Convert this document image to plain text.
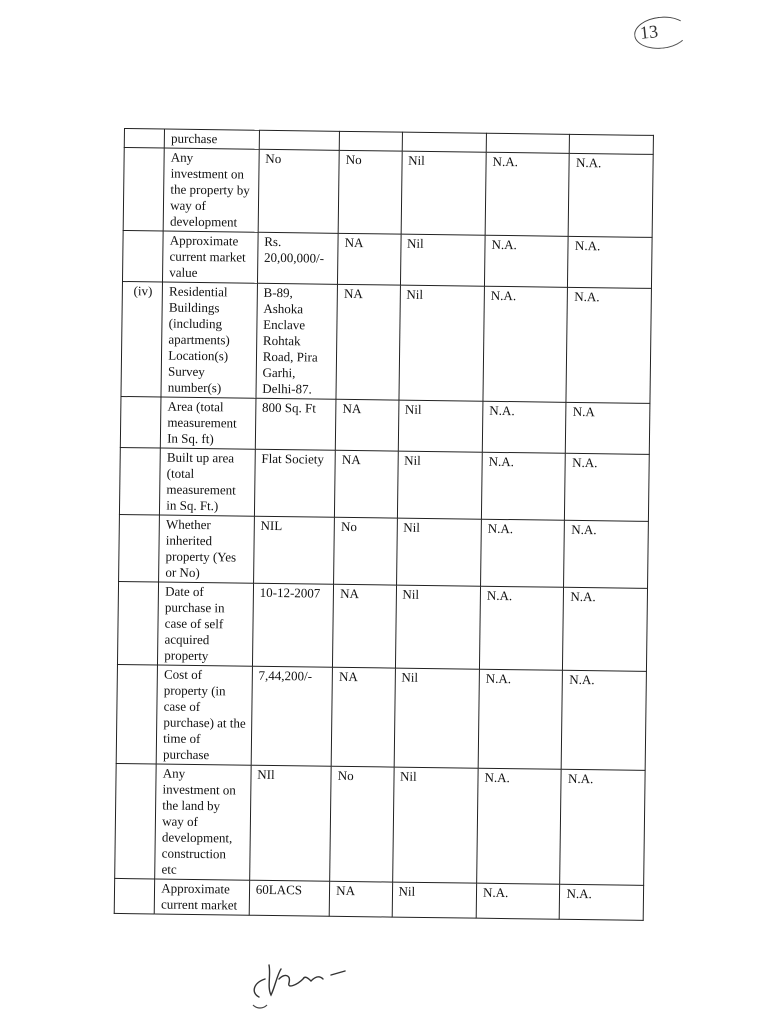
13
	purchase					
	Any investment on the property by way of development	No	No	Nil	N.A.	N.A.
	Approximate current market value	Rs. 20,00,000/-	NA	Nil	N.A.	N.A.
(iv)	Residential Buildings (including apartments) Location(s) Survey number(s)	B-89, Ashoka Enclave Rohtak Road, Pira Garhi, Delhi-87.	NA	Nil	N.A.	N.A.
	Area (total measurement In Sq. ft)	800 Sq. Ft	NA	Nil	N.A.	N.A
	Built up area (total measurement in Sq. Ft.)	Flat Society	NA	Nil	N.A.	N.A.
	Whether inherited property (Yes or No)	NIL	No	Nil	N.A.	N.A.
	Date of purchase in case of self acquired property	10-12-2007	NA	Nil	N.A.	N.A.
	Cost of property (in case of purchase) at the time of purchase	7,44,200/-	NA	Nil	N.A.	N.A.
	Any investment on the land by way of development, construction etc	NIl	No	Nil	N.A.	N.A.
	Approximate current market	60LACS	NA	Nil	N.A.	N.A.
